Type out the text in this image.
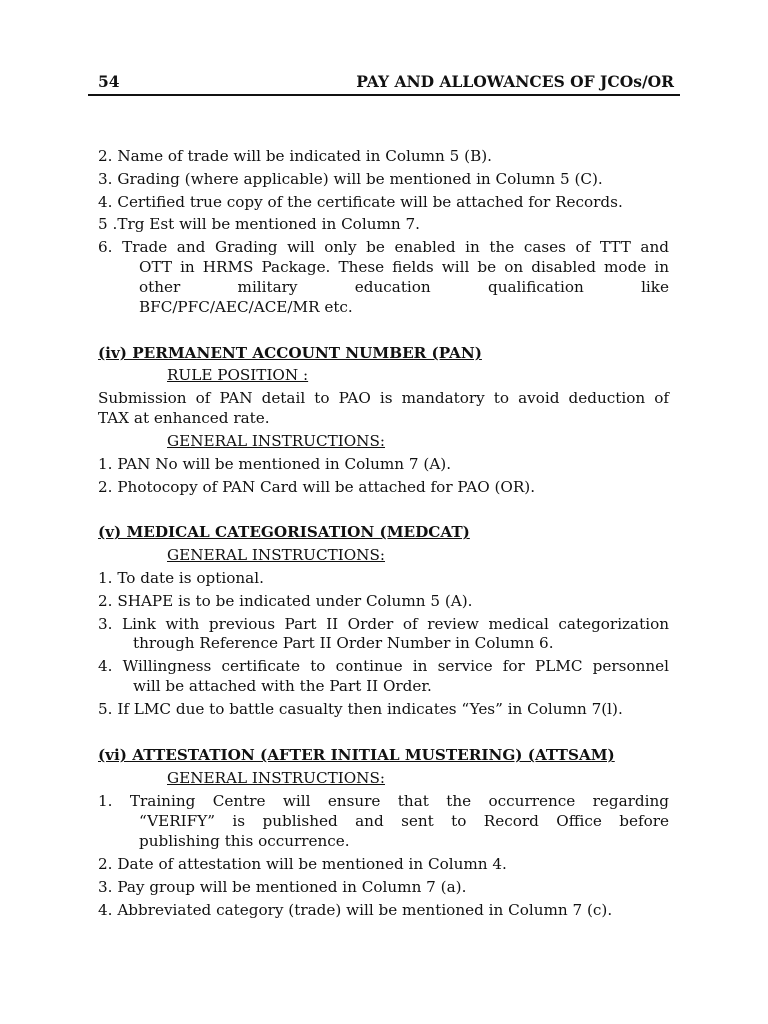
54	PAY AND ALLOWANCES OF JCOs/OR
2. Name of trade will be indicated in Column 5 (B).
3. Grading (where applicable) will be mentioned in Column 5 (C).
4. Certified true copy of the certificate will be attached for Records.
5 .Trg Est will be mentioned in Column 7.
6. Trade and Grading will only be enabled in the cases of TTT and
OTT in HRMS Package. These fields will be on disabled mode in
other military education qualification like
BFC/PFC/AEC/ACE/MR etc.
(iv) PERMANENT ACCOUNT NUMBER (PAN)
RULE POSITION :
Submission of PAN detail to PAO is mandatory to avoid deduction of
TAX at enhanced rate.
GENERAL INSTRUCTIONS:
1. PAN No will be mentioned in Column 7 (A).
2. Photocopy of PAN Card will be attached for PAO (OR).
(v) MEDICAL CATEGORISATION (MEDCAT)
GENERAL INSTRUCTIONS:
1. To date is optional.
2. SHAPE is to be indicated under Column 5 (A).
3. Link with previous Part II Order of review medical categorization
through Reference Part II Order Number in Column 6.
4. Willingness certificate to continue in service for PLMC personnel
will be attached with the Part II Order.
5. If LMC due to battle casualty then indicates “Yes” in Column 7(l).
(vi) ATTESTATION (AFTER INITIAL MUSTERING) (ATTSAM)
GENERAL INSTRUCTIONS:
1. Training Centre will ensure that the occurrence regarding
“VERIFY” is published and sent to Record Office before
publishing this occurrence.
2. Date of attestation will be mentioned in Column 4.
3. Pay group will be mentioned in Column 7 (a).
4. Abbreviated category (trade) will be mentioned in Column 7 (c).
